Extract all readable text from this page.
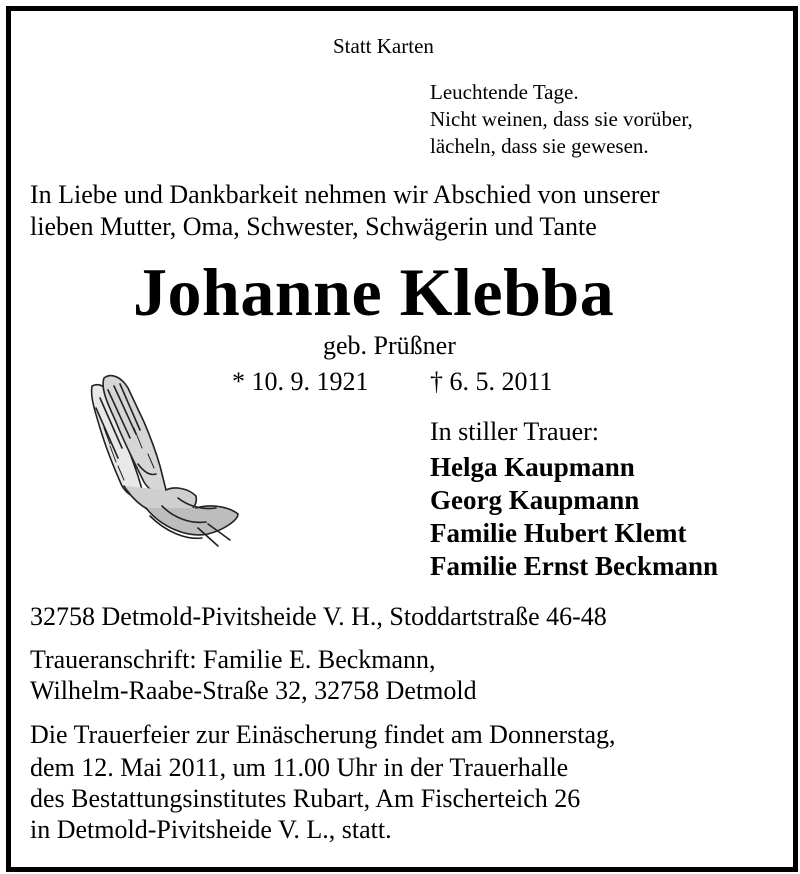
Statt Karten
Leuchtende Tage.
Nicht weinen, dass sie vorüber,
lächeln, dass sie gewesen.
In Liebe und Dankbarkeit nehmen wir Abschied von unserer
lieben Mutter, Oma, Schwester, Schwägerin und Tante
Johanne Klebba
geb. Prüßner
* 10. 9. 1921 † 6. 5. 2011
In stiller Trauer:
Helga Kaupmann
Georg Kaupmann
Familie Hubert Klemt
Familie Ernst Beckmann
32758 Detmold-Pivitsheide V. H., Stoddartstraße 46-48
Traueranschrift: Familie E. Beckmann,
Wilhelm-Raabe-Straße 32, 32758 Detmold
Die Trauerfeier zur Einäscherung findet am Donnerstag,
dem 12. Mai 2011, um 11.00 Uhr in der Trauerhalle
des Bestattungsinstitutes Rubart, Am Fischerteich 26
in Detmold-Pivitsheide V. L., statt.
